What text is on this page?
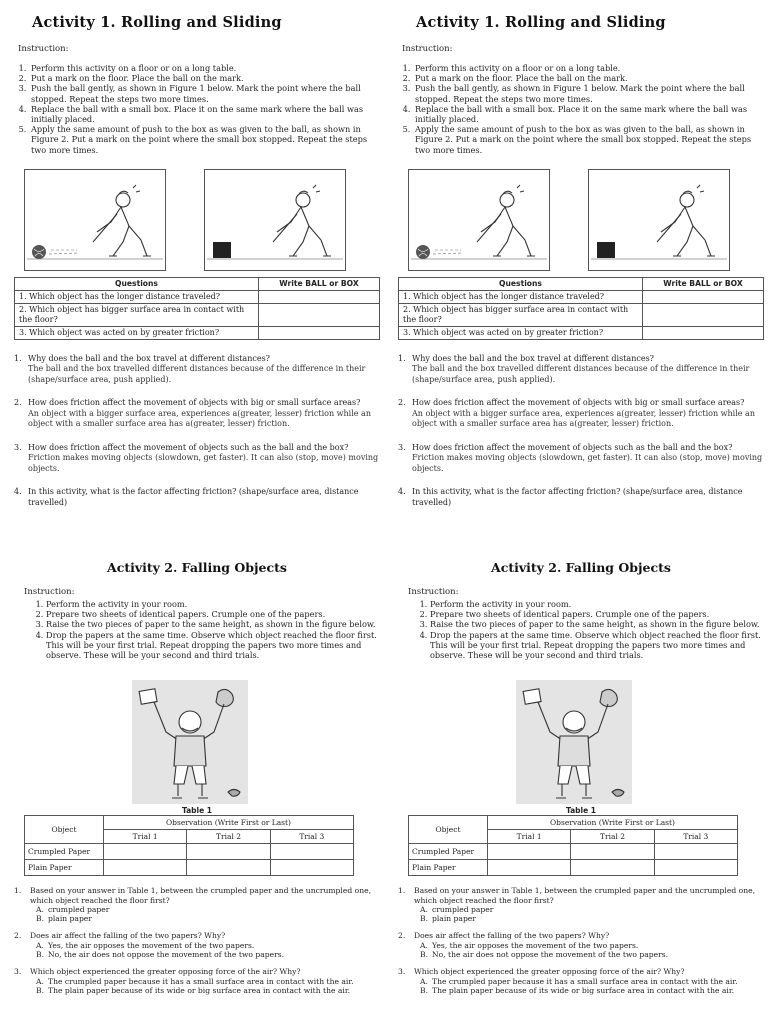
Activity 1. Rolling and Sliding
Instruction:
1. Perform this activity on a floor or on a long table.
2. Put a mark on the floor. Place the ball on the mark.
3. Push the ball gently, as shown in Figure 1 below. Mark the point where the ball stopped. Repeat the steps two more times.
4. Replace the ball with a small box. Place it on the same mark where the ball was initially placed.
5. Apply the same amount of push to the box as was given to the ball, as shown in Figure 2. Put a mark on the point where the small box stopped. Repeat the steps two more times.
Questions	Write BALL or BOX
1. Which object has the longer distance traveled?	
2. Which object has bigger surface area in contact with the floor?	
3. Which object was acted on by greater friction?	
1. Why does the ball and the box travel at different distances?
The ball and the box travelled different distances because of the difference in their (shape/surface area, push applied).
2. How does friction affect the movement of objects with big or small surface areas?
An object with a bigger surface area, experiences a(greater, lesser) friction while an object with a smaller surface area has a(greater, lesser) friction.
3. How does friction affect the movement of objects such as the ball and the box?
Friction makes moving objects (slowdown, get faster). It can also (stop, move) moving objects.
4. In this activity, what is the factor affecting friction? (shape/surface area, distance travelled)
Activity 2. Falling Objects
Instruction:
1. Perform the activity in your room.
2. Prepare two sheets of identical papers. Crumple one of the papers.
3. Raise the two pieces of paper to the same height, as shown in the figure below.
4. Drop the papers at the same time. Observe which object reached the floor first. This will be your first trial. Repeat dropping the papers two more times and observe. These will be your second and third trials.
Table 1
Object	Observation (Write First or Last)		
	Trial 1	Trial 2	Trial 3
Crumpled Paper			
Plain Paper			
1.	Based on your answer in Table 1, between the crumpled paper and the uncrumpled one, which object reached the floor first?
A. crumpled paper
B. plain paper
2.	Does air affect the falling of the two papers? Why?
A. Yes, the air opposes the movement of the two papers.
B. No, the air does not oppose the movement of the two papers.
3.	Which object experienced the greater opposing force of the air? Why?
A. The crumpled paper because it has a small surface area in contact with the air.
B. The plain paper because of its wide or big surface area in contact with the air.
Activity 1. Rolling and Sliding
Instruction:
1. Perform this activity on a floor or on a long table.
2. Put a mark on the floor. Place the ball on the mark.
3. Push the ball gently, as shown in Figure 1 below. Mark the point where the ball stopped. Repeat the steps two more times.
4. Replace the ball with a small box. Place it on the same mark where the ball was initially placed.
5. Apply the same amount of push to the box as was given to the ball, as shown in Figure 2. Put a mark on the point where the small box stopped. Repeat the steps two more times.
Questions	Write BALL or BOX
1. Which object has the longer distance traveled?	
2. Which object has bigger surface area in contact with the floor?	
3. Which object was acted on by greater friction?	
1. Why does the ball and the box travel at different distances?
The ball and the box travelled different distances because of the difference in their (shape/surface area, push applied).
2. How does friction affect the movement of objects with big or small surface areas?
An object with a bigger surface area, experiences a(greater, lesser) friction while an object with a smaller surface area has a(greater, lesser) friction.
3. How does friction affect the movement of objects such as the ball and the box?
Friction makes moving objects (slowdown, get faster). It can also (stop, move) moving objects.
4. In this activity, what is the factor affecting friction? (shape/surface area, distance travelled)
Activity 2. Falling Objects
Instruction:
1. Perform the activity in your room.
2. Prepare two sheets of identical papers. Crumple one of the papers.
3. Raise the two pieces of paper to the same height, as shown in the figure below.
4. Drop the papers at the same time. Observe which object reached the floor first. This will be your first trial. Repeat dropping the papers two more times and observe. These will be your second and third trials.
Table 1
Object	Observation (Write First or Last)		
	Trial 1	Trial 2	Trial 3
Crumpled Paper			
Plain Paper			
1.	Based on your answer in Table 1, between the crumpled paper and the uncrumpled one, which object reached the floor first?
A. crumpled paper
B. plain paper
2.	Does air affect the falling of the two papers? Why?
A. Yes, the air opposes the movement of the two papers.
B. No, the air does not oppose the movement of the two papers.
3.	Which object experienced the greater opposing force of the air? Why?
A. The crumpled paper because it has a small surface area in contact with the air.
B. The plain paper because of its wide or big surface area in contact with the air.
